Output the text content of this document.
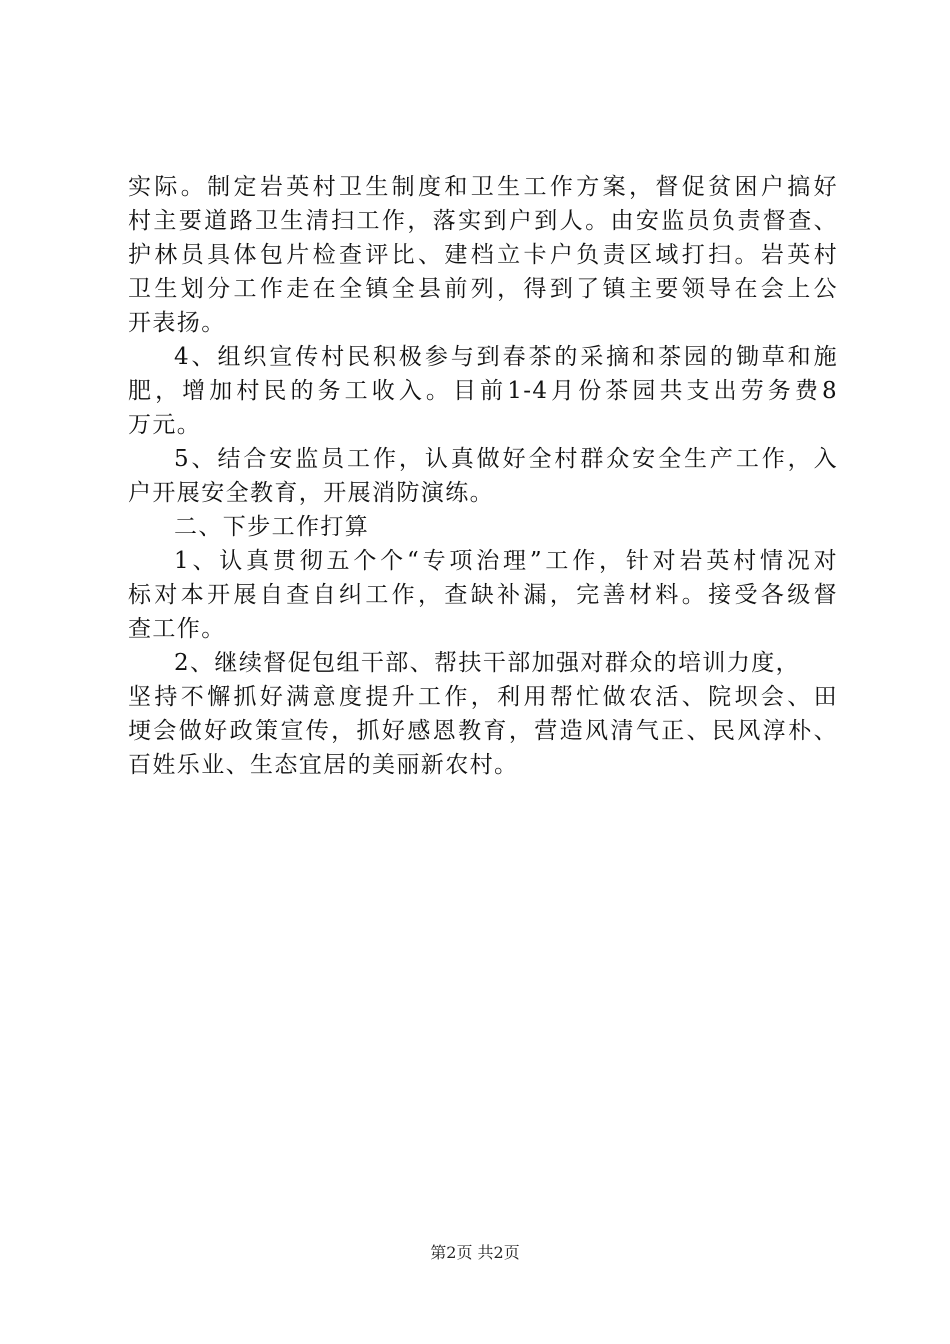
实际。制定岩英村卫生制度和卫生工作方案，督促贫困户搞好
村主要道路卫生清扫工作，落实到户到人。由安监员负责督查、
护林员具体包片检查评比、建档立卡户负责区域打扫。岩英村
卫生划分工作走在全镇全县前列，得到了镇主要领导在会上公
开表扬。
4、组织宣传村民积极参与到春茶的采摘和茶园的锄草和施
肥，增加村民的务工收入。目前1-4月份茶园共支出劳务费8
万元。
5、结合安监员工作，认真做好全村群众安全生产工作，入
户开展安全教育，开展消防演练。
二、下步工作打算
1、认真贯彻五个个“专项治理”工作，针对岩英村情况对
标对本开展自查自纠工作，查缺补漏，完善材料。接受各级督
查工作。
2、继续督促包组干部、帮扶干部加强对群众的培训力度，
坚持不懈抓好满意度提升工作，利用帮忙做农活、院坝会、田
埂会做好政策宣传，抓好感恩教育，营造风清气正、民风淳朴、
百姓乐业、生态宜居的美丽新农村。
第2页 共2页
